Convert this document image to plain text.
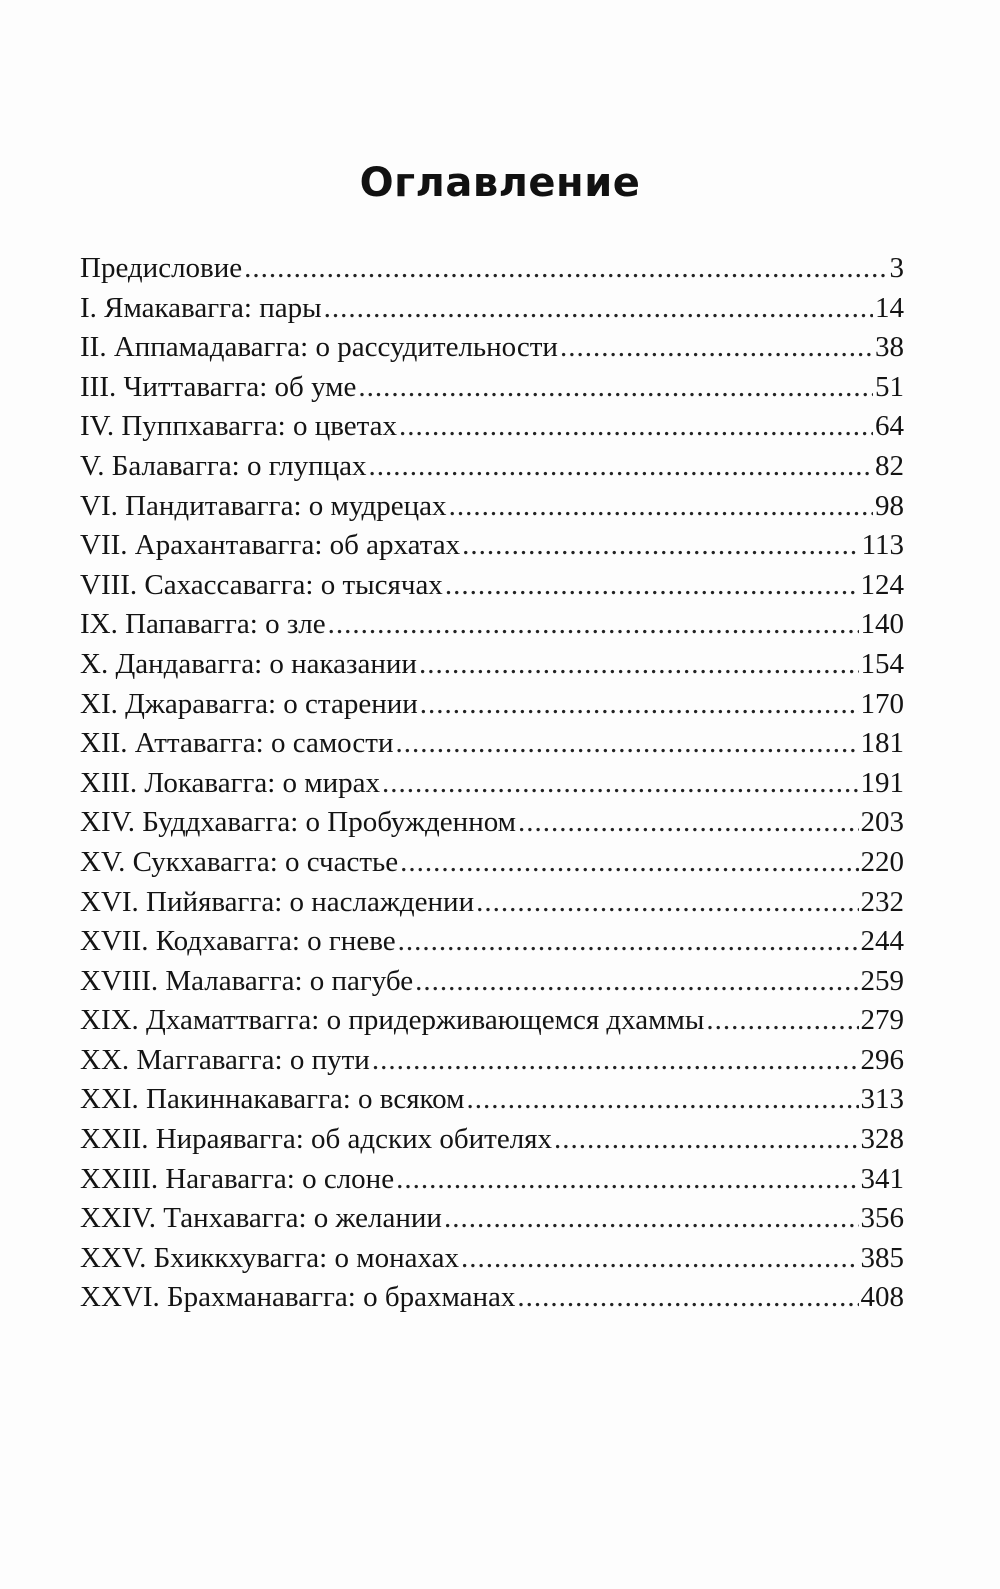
Оглавление
Предисловие .....	3
I. Ямакавагга: пары .....	14
II. Аппамадавагга: о рассудительности .....	38
III. Читтавагга: об уме .....	51
IV. Пуппхавагга: о цветах .....	64
V. Балавагга: о глупцах .....	82
VI. Пандитавагга: о мудрецах .....	98
VII. Арахантавагга: об архатах .....	113
VIII. Сахассавагга: о тысячах .....	124
IX. Папавагга: о зле .....	140
X. Дандавагга: о наказании .....	154
XI. Джаравагга: о старении .....	170
XII. Аттавагга: о самости .....	181
XIII. Локавагга: о мирах .....	191
XIV. Буддхавагга: о Пробужденном .....	203
XV. Сукхавагга: о счастье .....	220
XVI. Пийявагга: о наслаждении .....	232
XVII. Кодхавагга: о гневе .....	244
XVIII. Малавагга: о пагубе .....	259
XIX. Дхаматтвагга: о придерживающемся дхаммы .....	279
XX. Маггавагга: о пути .....	296
XXI. Пакиннакавагга: о всяком .....	313
XXII. Нираявагга: об адских обителях .....	328
XXIII. Нагавагга: о слоне .....	341
XXIV. Танхавагга: о желании .....	356
XXV. Бхиккхувагга: о монахах .....	385
XXVI. Брахманавагга: о брахманах .....	408
